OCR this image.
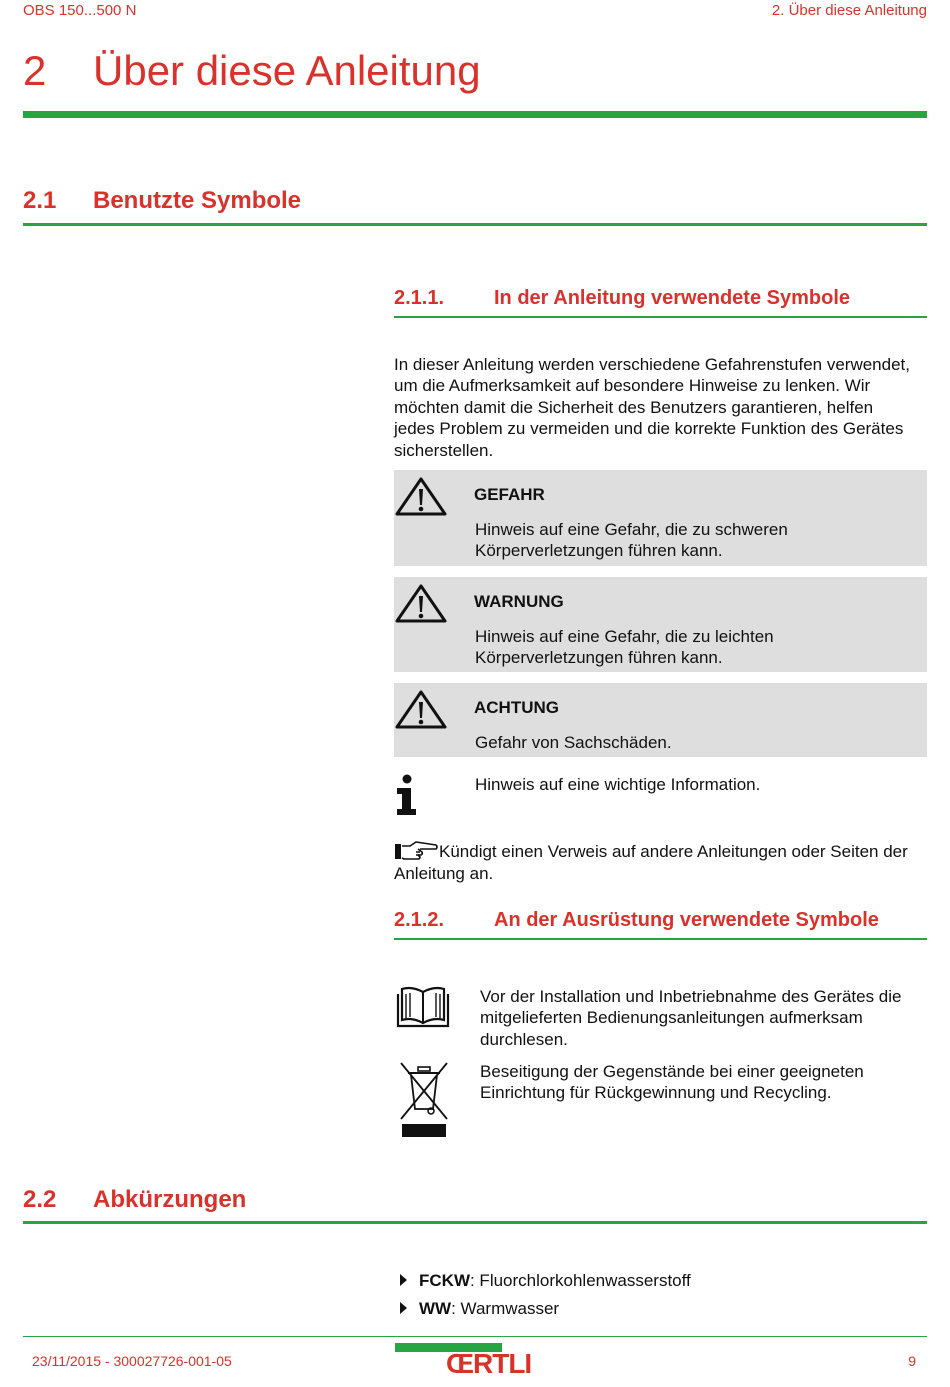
OBS 150...500 N	2. Über diese Anleitung
2 Über diese Anleitung
2.1 Benutzte Symbole
2.1.1. In der Anleitung verwendete Symbole
In dieser Anleitung werden verschiedene Gefahrenstufen verwendet,
um die Aufmerksamkeit auf besondere Hinweise zu lenken. Wir
möchten damit die Sicherheit des Benutzers garantieren, helfen
jedes Problem zu vermeiden und die korrekte Funktion des Gerätes
sicherstellen.
GEFAHR
Hinweis auf eine Gefahr, die zu schweren
Körperverletzungen führen kann.
WARNUNG
Hinweis auf eine Gefahr, die zu leichten
Körperverletzungen führen kann.
ACHTUNG
Gefahr von Sachschäden.
Hinweis auf eine wichtige Information.
Kündigt einen Verweis auf andere Anleitungen oder Seiten der
Anleitung an.
2.1.2. An der Ausrüstung verwendete Symbole
Vor der Installation und Inbetriebnahme des Gerätes die
mitgelieferten Bedienungsanleitungen aufmerksam
durchlesen.
Beseitigung der Gegenstände bei einer geeigneten
Einrichtung für Rückgewinnung und Recycling.
2.2 Abkürzungen
FCKW: Fluorchlorkohlenwasserstoff
WW: Warmwasser
23/11/2015 - 300027726-001-05	ŒRTLI	9
